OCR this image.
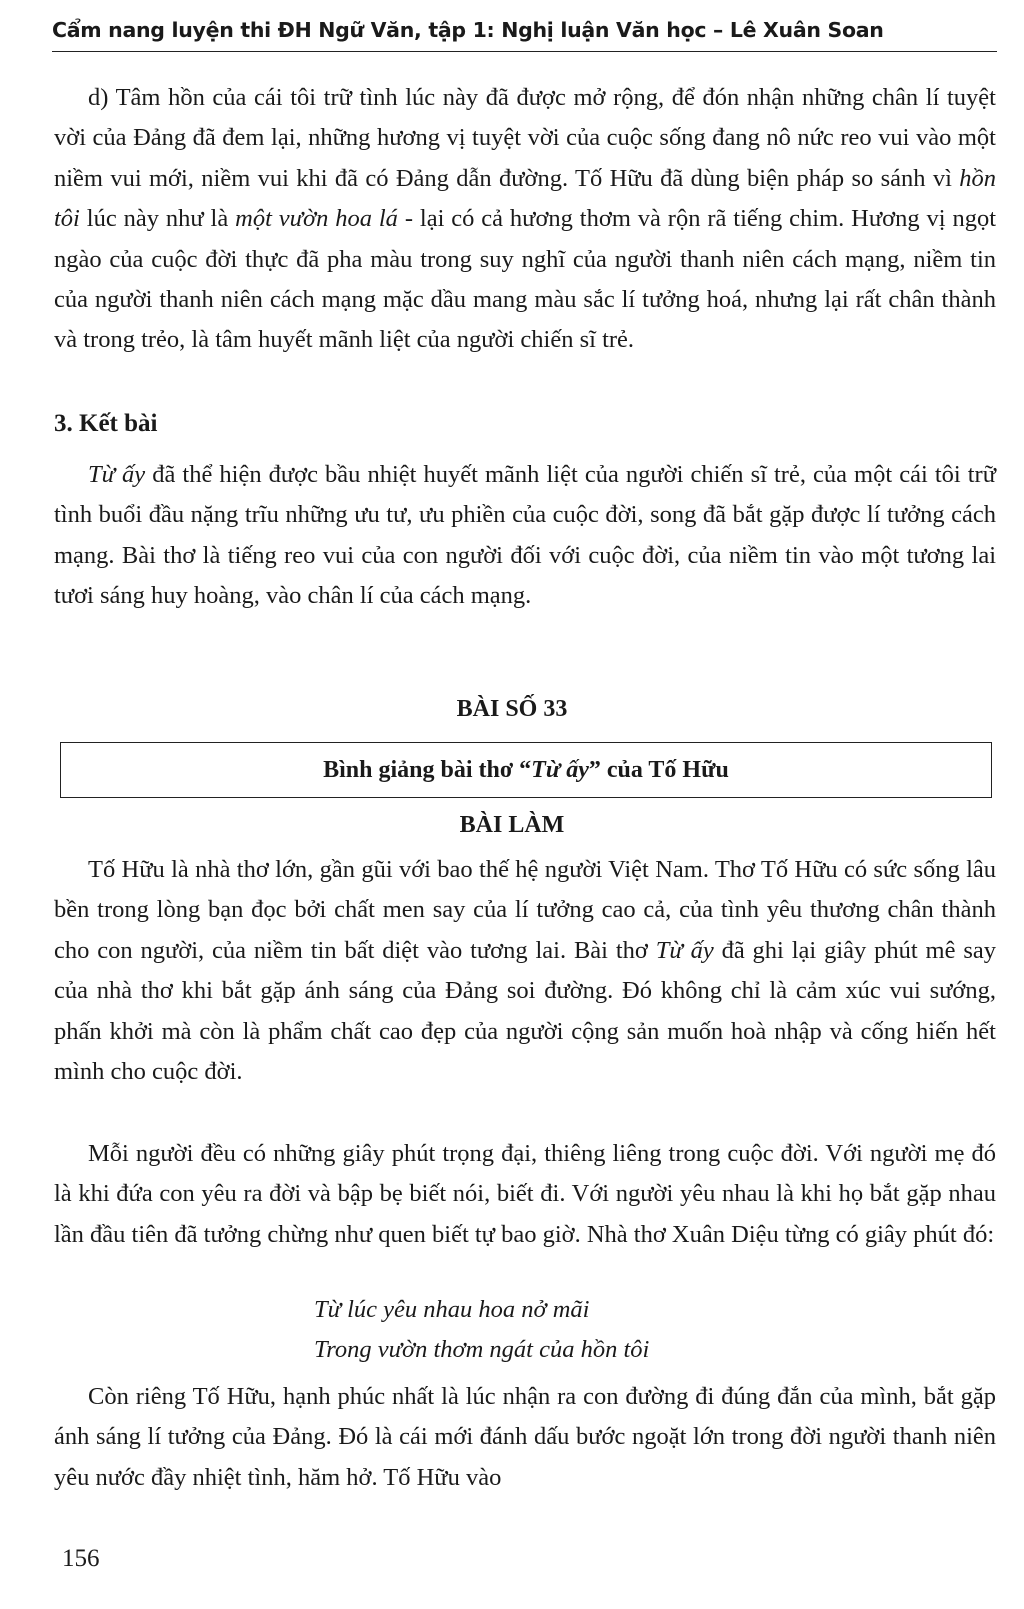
Cẩm nang luyện thi ĐH Ngữ Văn, tập 1: Nghị luận Văn học – Lê Xuân Soan

d) Tâm hồn của cái tôi trữ tình lúc này đã được mở rộng, để đón nhận những chân lí tuyệt vời của Đảng đã đem lại, những hương vị tuyệt vời của cuộc sống đang nô nức reo vui vào một niềm vui mới, niềm vui khi đã có Đảng dẫn đường. Tố Hữu đã dùng biện pháp so sánh vì hồn tôi lúc này như là một vườn hoa lá - lại có cả hương thơm và rộn rã tiếng chim. Hương vị ngọt ngào của cuộc đời thực đã pha màu trong suy nghĩ của người thanh niên cách mạng, niềm tin của người thanh niên cách mạng mặc dầu mang màu sắc lí tưởng hoá, nhưng lại rất chân thành và trong trẻo, là tâm huyết mãnh liệt của người chiến sĩ trẻ.

3. Kết bài

Từ ấy đã thể hiện được bầu nhiệt huyết mãnh liệt của người chiến sĩ trẻ, của một cái tôi trữ tình buổi đầu nặng trĩu những ưu tư, ưu phiền của cuộc đời, song đã bắt gặp được lí tưởng cách mạng. Bài thơ là tiếng reo vui của con người đối với cuộc đời, của niềm tin vào một tương lai tươi sáng huy hoàng, vào chân lí của cách mạng.

BÀI SỐ 33
Bình giảng bài thơ “Từ ấy” của Tố Hữu
BÀI LÀM

Tố Hữu là nhà thơ lớn, gần gũi với bao thế hệ người Việt Nam. Thơ Tố Hữu có sức sống lâu bền trong lòng bạn đọc bởi chất men say của lí tưởng cao cả, của tình yêu thương chân thành cho con người, của niềm tin bất diệt vào tương lai. Bài thơ Từ ấy đã ghi lại giây phút mê say của nhà thơ khi bắt gặp ánh sáng của Đảng soi đường. Đó không chỉ là cảm xúc vui sướng, phấn khởi mà còn là phẩm chất cao đẹp của người cộng sản muốn hoà nhập và cống hiến hết mình cho cuộc đời.

Mỗi người đều có những giây phút trọng đại, thiêng liêng trong cuộc đời. Với người mẹ đó là khi đứa con yêu ra đời và bập bẹ biết nói, biết đi. Với người yêu nhau là khi họ bắt gặp nhau lần đầu tiên đã tưởng chừng như quen biết tự bao giờ. Nhà thơ Xuân Diệu từng có giây phút đó:

Từ lúc yêu nhau hoa nở mãi

Trong vườn thơm ngát của hồn tôi

Còn riêng Tố Hữu, hạnh phúc nhất là lúc nhận ra con đường đi đúng đắn của mình, bắt gặp ánh sáng lí tưởng của Đảng. Đó là cái mới đánh dấu bước ngoặt lớn trong đời người thanh niên yêu nước đầy nhiệt tình, hăm hở. Tố Hữu vào

156
